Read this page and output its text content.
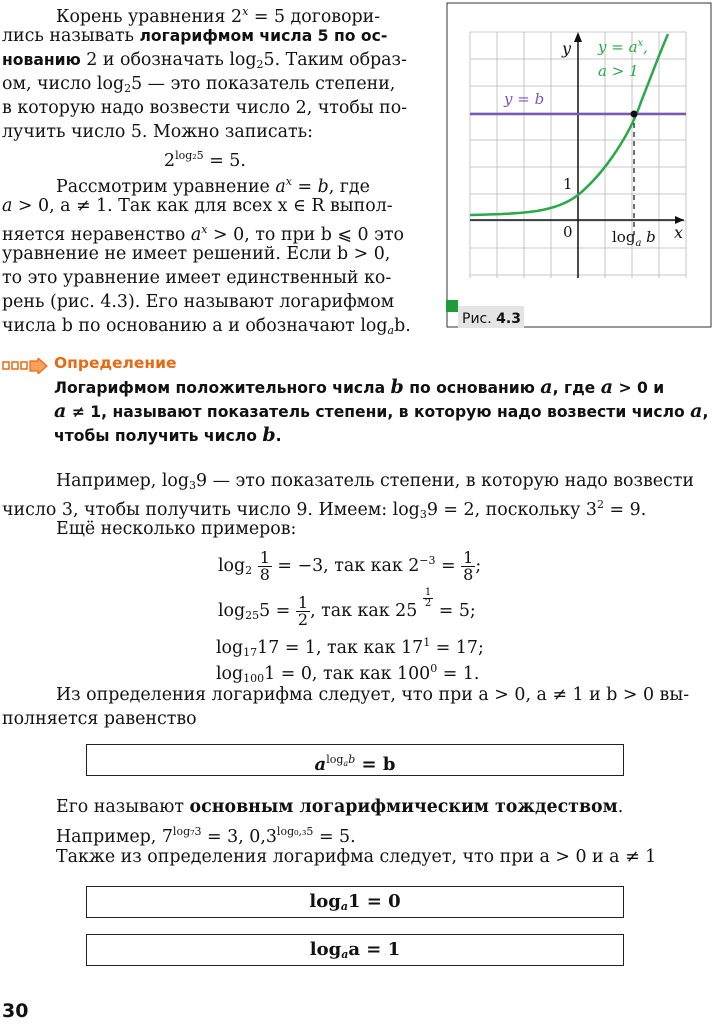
Корень уравнения $2^x = 5$ договори-
лись называть логарифмом числа 5 по ос-
нованию 2 и обозначать $\log_25$. Таким образ-
ом, число $\log_25$ — это показатель степени,
в которую надо возвести число 2, чтобы по-
лучить число 5. Можно записать:
$2^{log_25} = 5$.
Рассмотрим уравнение $a^x = b$, где
a > 0, a ≠ 1. Так как для всех x ∈ R выпол-
няется неравенство $a^x > 0$, то при b ⩽ 0 это
уравнение не имеет решений. Если b > 0,
то это уравнение имеет единственный ко-
рень (рис. 4.3). Его называют логарифмом
числа b по основанию a и обозначают $\log_ab$.
y
x
0
1
y = b
$y = a^x$,
a > 1
$\log_a b$
Рис. 4.3
Определение
Логарифмом положительного числа b по основанию a, где a > 0 и
a ≠ 1, называют показатель степени, в которую надо возвести число a,
чтобы получить число b.
Например, $\log_39$ — это показатель степени, в которую надо возвести
число 3, чтобы получить число 9. Имеем: $\log_39 = 2$, поскольку $3^2 = 9$.
Ещё несколько примеров:
$\log_2 \frac{1}{8} = -3$, так как $2^{-3} = \frac{1}{8}$ ;
$\log_{25}5 = \frac{1}{2}$ , так как 25
$\frac{1}{2}$
= 5;
$\log_{17}17 = 1$, так как $17^1 = 17$;
$\log_{100}1 = 0$, так как $100^0 = 1$.
Из определения логарифма следует, что при a > 0, a ≠ 1 и b > 0 вы-
полняется равенство
$a^{log_ab} = b$
Его называют основным логарифмическим тождеством.
Например, $7^{log_73} = 3$, $0,3^{log_0,_35} = 5$.
Также из определения логарифма следует, что при a > 0 и a ≠ 1
$\log_a1 = 0$
$\log_aa = 1$
30
